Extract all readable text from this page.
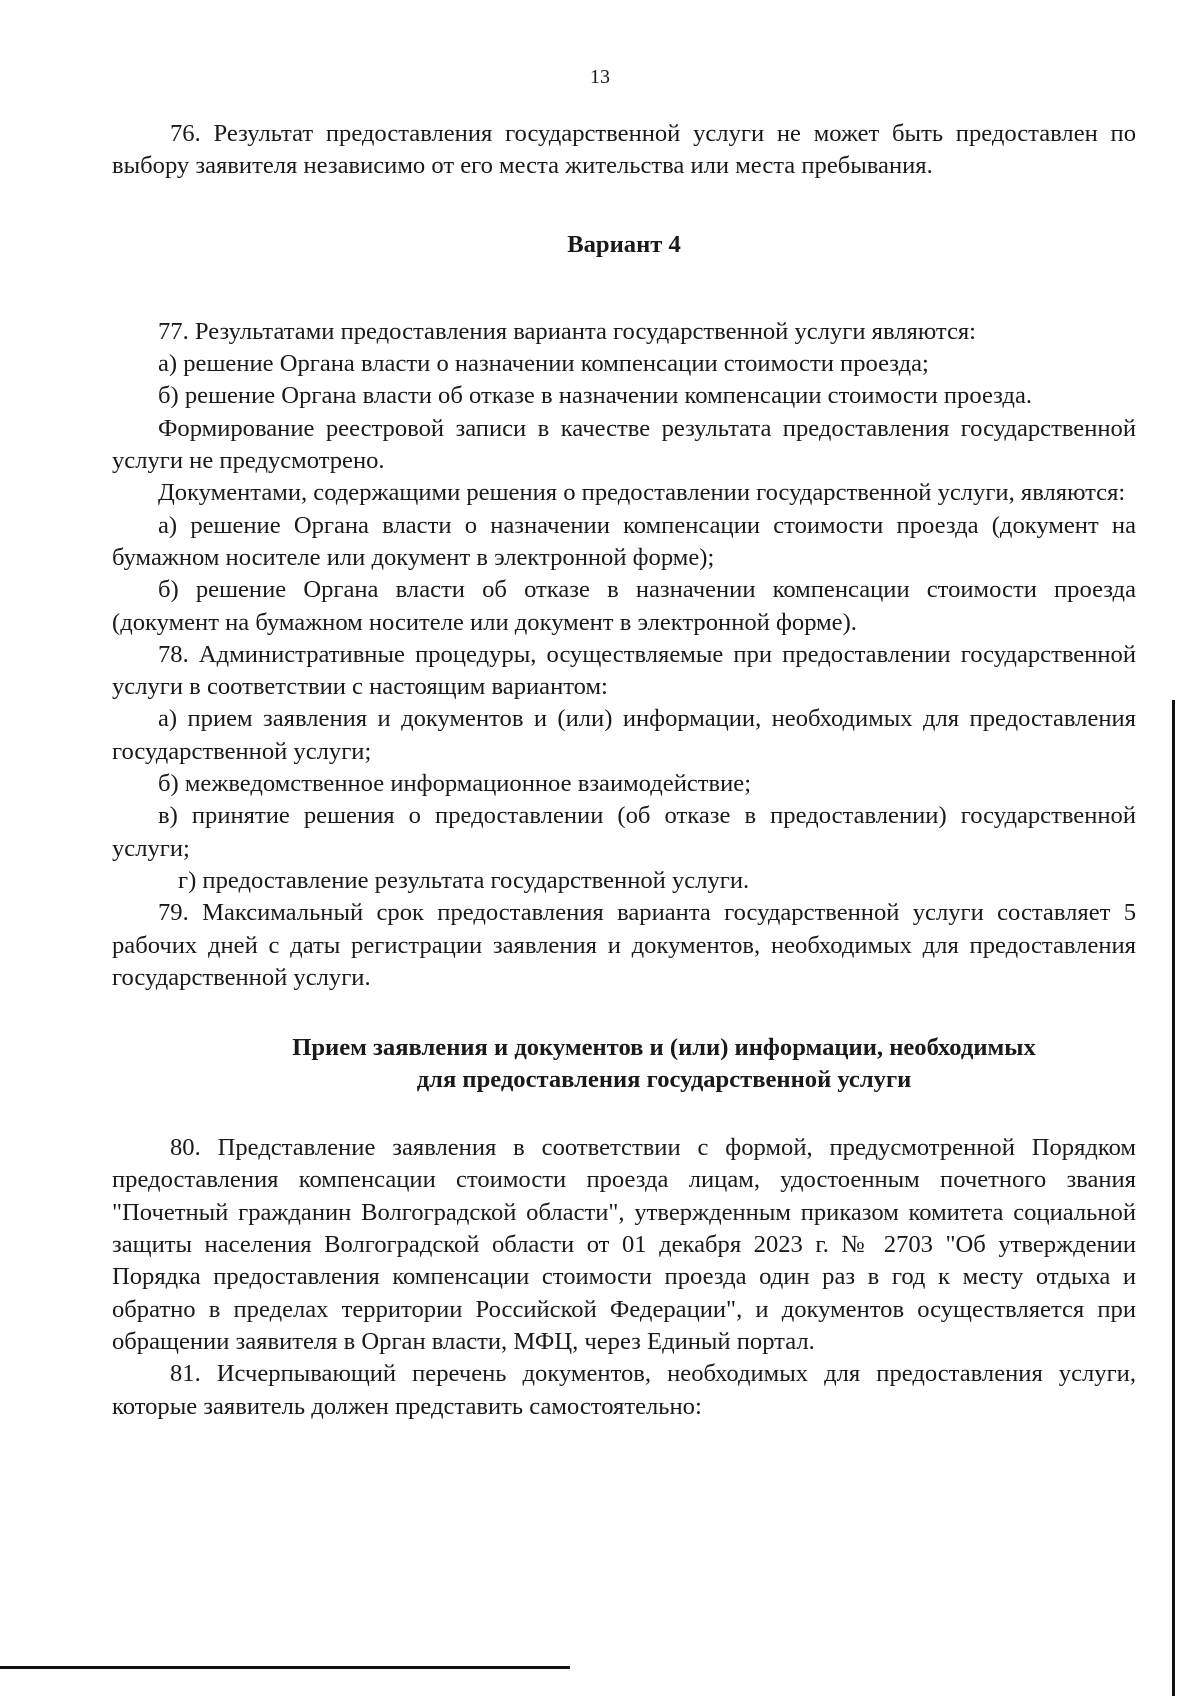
13

76. Результат предоставления государственной услуги не может быть предоставлен по выбору заявителя независимо от его места жительства или места пребывания.

Вариант 4

77. Результатами предоставления варианта государственной услуги являются:

а) решение Органа власти о назначении компенсации стоимости проезда;

б) решение Органа власти об отказе в назначении компенсации стоимости проезда.

Формирование реестровой записи в качестве результата предоставления государственной услуги не предусмотрено.

Документами, содержащими решения о предоставлении государственной услуги, являются:

а) решение Органа власти о назначении компенсации стоимости проезда (документ на бумажном носителе или документ в электронной форме);

б) решение Органа власти об отказе в назначении компенсации стоимости проезда (документ на бумажном носителе или документ в электронной форме).

78. Административные процедуры, осуществляемые при предоставлении государственной услуги в соответствии с настоящим вариантом:

а) прием заявления и документов и (или) информации, необходимых для предоставления государственной услуги;

б) межведомственное информационное взаимодействие;

в) принятие решения о предоставлении (об отказе в предоставлении) государственной услуги;

г) предоставление результата государственной услуги.

79. Максимальный срок предоставления варианта государственной услуги составляет 5 рабочих дней с даты регистрации заявления и документов, необходимых для предоставления государственной услуги.

Прием заявления и документов и (или) информации, необходимых
для предоставления государственной услуги

80. Представление заявления в соответствии с формой, предусмотренной Порядком предоставления компенсации стоимости проезда лицам, удостоенным почетного звания "Почетный гражданин Волгоградской области", утвержденным приказом комитета социальной защиты населения Волгоградской области от 01 декабря 2023 г. № 2703 "Об утверждении Порядка предоставления компенсации стоимости проезда один раз в год к месту отдыха и обратно в пределах территории Российской Федерации", и документов осуществляется при обращении заявителя в Орган власти, МФЦ, через Единый портал.

81. Исчерпывающий перечень документов, необходимых для предоставления услуги, которые заявитель должен представить самостоятельно:
